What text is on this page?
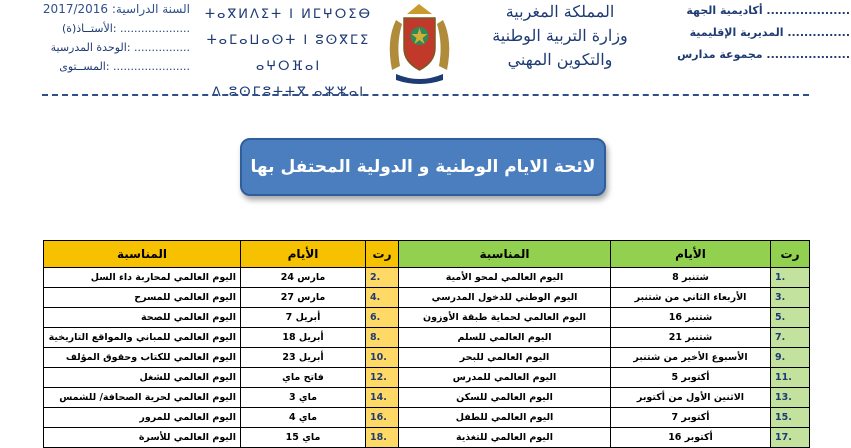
السنة الدراسية: 2017/2016
الأستــاذ(ة): ....................
الوحدة المدرسية: ................
المســتوى: ......................
ⵜⴰⴳⵍⴷⵉⵜ ⵏ ⵍⵎⵖⵔⵉⴱ
ⵜⴰⵎⴰⵡⴰⵙⵜ ⵏ ⵓⵙⴳⵎⵉ ⴰⵖⵔⴼⴰⵏ
ⴷ ⵓⵙⵎⵓⵜⵜⴳ ⴰⵣⵣⴰⵏ
المملكة المغربية
وزارة التربية الوطنية
والتكوين المهني
أكاديمية الجهة ....................
المديرية الإقليمية ...............
مجموعة مدارس ....................
لائحة الايام الوطنية و الدولية المحتفل بها
المناسبة	الأيام	رت	المناسبة	الأيام	رت
اليوم العالمي لمحاربة داء السل	24 مارس	2.	اليوم العالمي لمحو الأمية	8 شتنبر	1.
اليوم العالمي للمسرح	27 مارس	4.	اليوم الوطني للدخول المدرسي	الأربعاء الثاني من شتنبر	3.
اليوم العالمي للصحة	7 أبريل	6.	اليوم العالمي لحماية طبقة الأوزون	16 شتنبر	5.
اليوم العالمي للمباني والمواقع التاريخية	18 أبريل	8.	اليوم العالمي للسلم	21 شتنبر	7.
اليوم العالمي للكتاب وحقوق المؤلف	23 أبريل	10.	اليوم العالمي للبحر	الأسبوع الأخير من شتنبر	9.
اليوم العالمي للشغل	فاتح ماي	12.	اليوم العالمي للمدرس	5 أكتوبر	11.
اليوم العالمي لحرية الصحافة/ للشمس	3 ماي	14.	اليوم العالمي للسكن	الاثنين الأول من أكتوبر	13.
اليوم العالمي للمرور	4 ماي	16.	اليوم العالمي للطفل	7 أكتوبر	15.
اليوم العالمي للأسرة	15 ماي	18.	اليوم العالمي للتغذية	16 أكتوبر	17.
